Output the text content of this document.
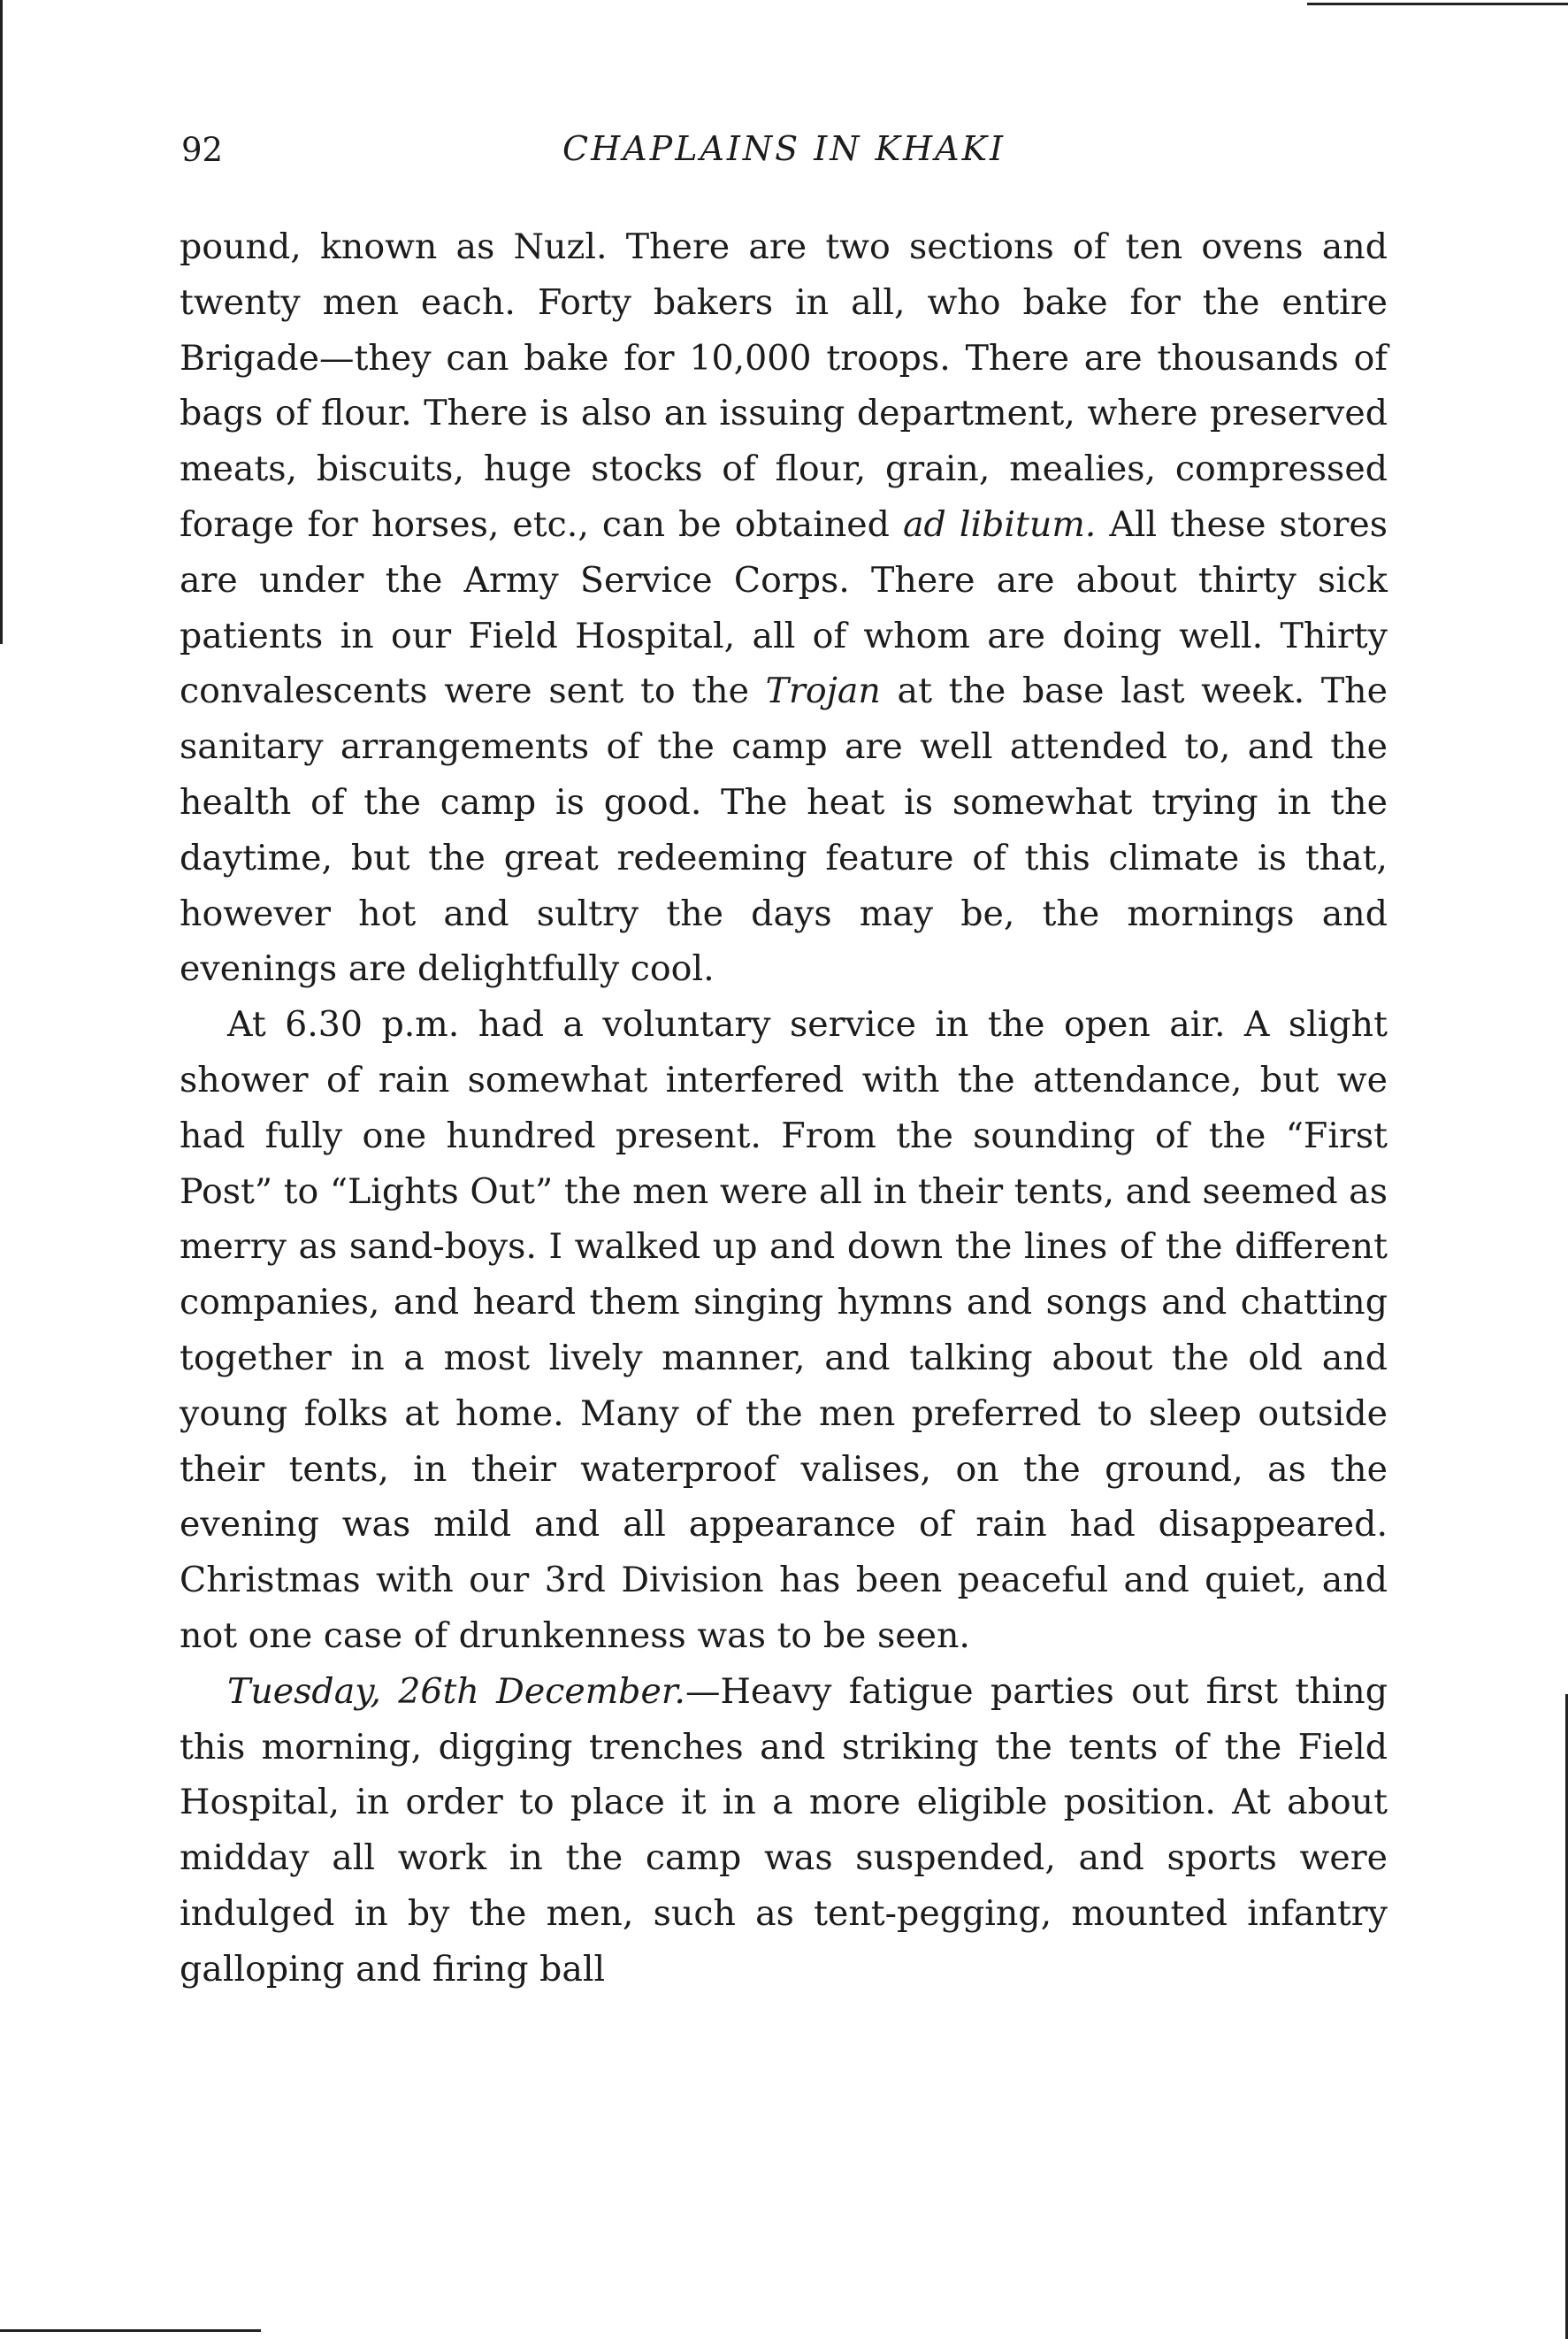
92	CHAPLAINS IN KHAKI

pound, known as Nuzl. There are two sections of ten ovens and twenty men each. Forty bakers in all, who bake for the entire Brigade—they can bake for 10,000 troops. There are thousands of bags of flour. There is also an issuing department, where preserved meats, biscuits, huge stocks of flour, grain, mealies, compressed forage for horses, etc., can be obtained ad libitum. All these stores are under the Army Service Corps. There are about thirty sick patients in our Field Hospital, all of whom are doing well. Thirty convalescents were sent to the Trojan at the base last week. The sanitary arrangements of the camp are well attended to, and the health of the camp is good. The heat is somewhat trying in the daytime, but the great redeeming feature of this climate is that, however hot and sultry the days may be, the mornings and evenings are delightfully cool.

At 6.30 p.m. had a voluntary service in the open air. A slight shower of rain somewhat interfered with the attendance, but we had fully one hundred present. From the sounding of the “First Post” to “Lights Out” the men were all in their tents, and seemed as merry as sand-boys. I walked up and down the lines of the different companies, and heard them singing hymns and songs and chatting together in a most lively manner, and talking about the old and young folks at home. Many of the men preferred to sleep outside their tents, in their waterproof valises, on the ground, as the evening was mild and all appearance of rain had disappeared. Christmas with our 3rd Division has been peaceful and quiet, and not one case of drunkenness was to be seen.

Tuesday, 26th December.—Heavy fatigue parties out first thing this morning, digging trenches and striking the tents of the Field Hospital, in order to place it in a more eligible position. At about midday all work in the camp was suspended, and sports were indulged in by the men, such as tent-pegging, mounted infantry galloping and firing ball
